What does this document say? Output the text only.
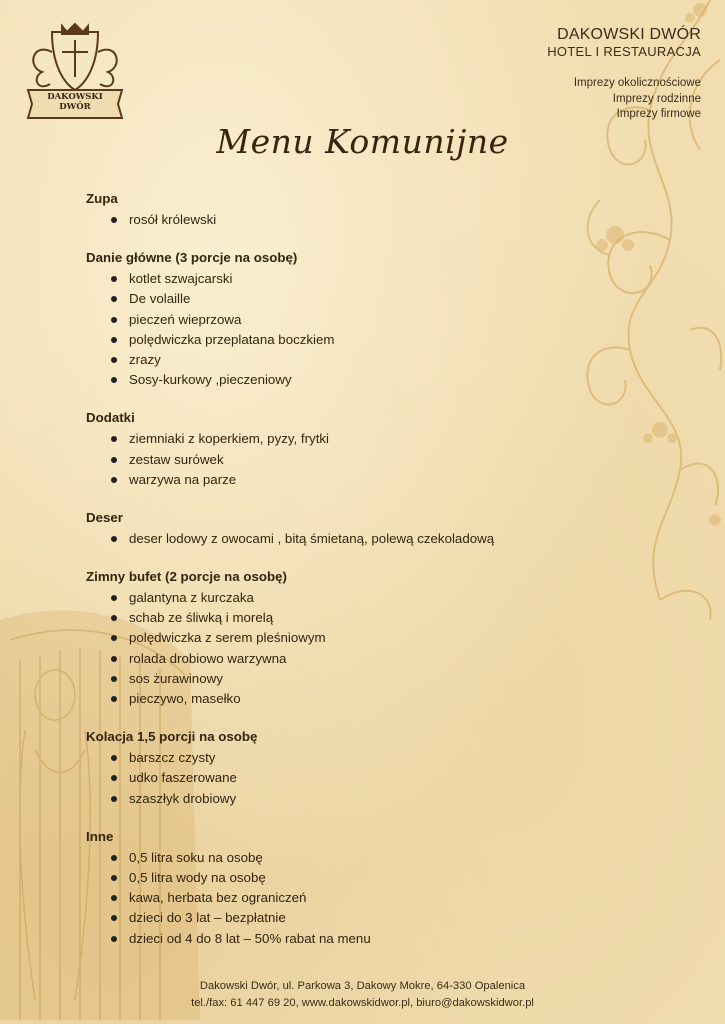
DAKOWSKI DWÓR
DAKOWSKI DWÓR
HOTEL I RESTAURACJA
Imprezy okolicznościowe
Imprezy rodzinne
Imprezy firmowe
Menu Komunijne
Zupa
rosół królewski
Danie główne (3 porcje na osobę)
kotlet szwajcarski
De volaille
pieczeń wieprzowa
polędwiczka przeplatana boczkiem
zrazy
Sosy-kurkowy ,pieczeniowy
Dodatki
ziemniaki z koperkiem, pyzy, frytki
zestaw surówek
warzywa na parze
Deser
deser lodowy z owocami , bitą śmietaną, polewą czekoladową
Zimny bufet (2 porcje na osobę)
galantyna z kurczaka
schab ze śliwką i morelą
polędwiczka z serem pleśniowym
rolada drobiowo warzywna
sos żurawinowy
pieczywo, masełko
Kolacja 1,5 porcji na osobę
barszcz czysty
udko faszerowane
szaszłyk drobiowy
Inne
0,5 litra soku na osobę
0,5 litra wody na osobę
kawa, herbata bez ograniczeń
dzieci do 3 lat – bezpłatnie
dzieci od 4 do 8 lat – 50% rabat na menu
Dakowski Dwór, ul. Parkowa 3, Dakowy Mokre, 64-330 Opalenica
tel./fax: 61 447 69 20, www.dakowskidwor.pl, biuro@dakowskidwor.pl
